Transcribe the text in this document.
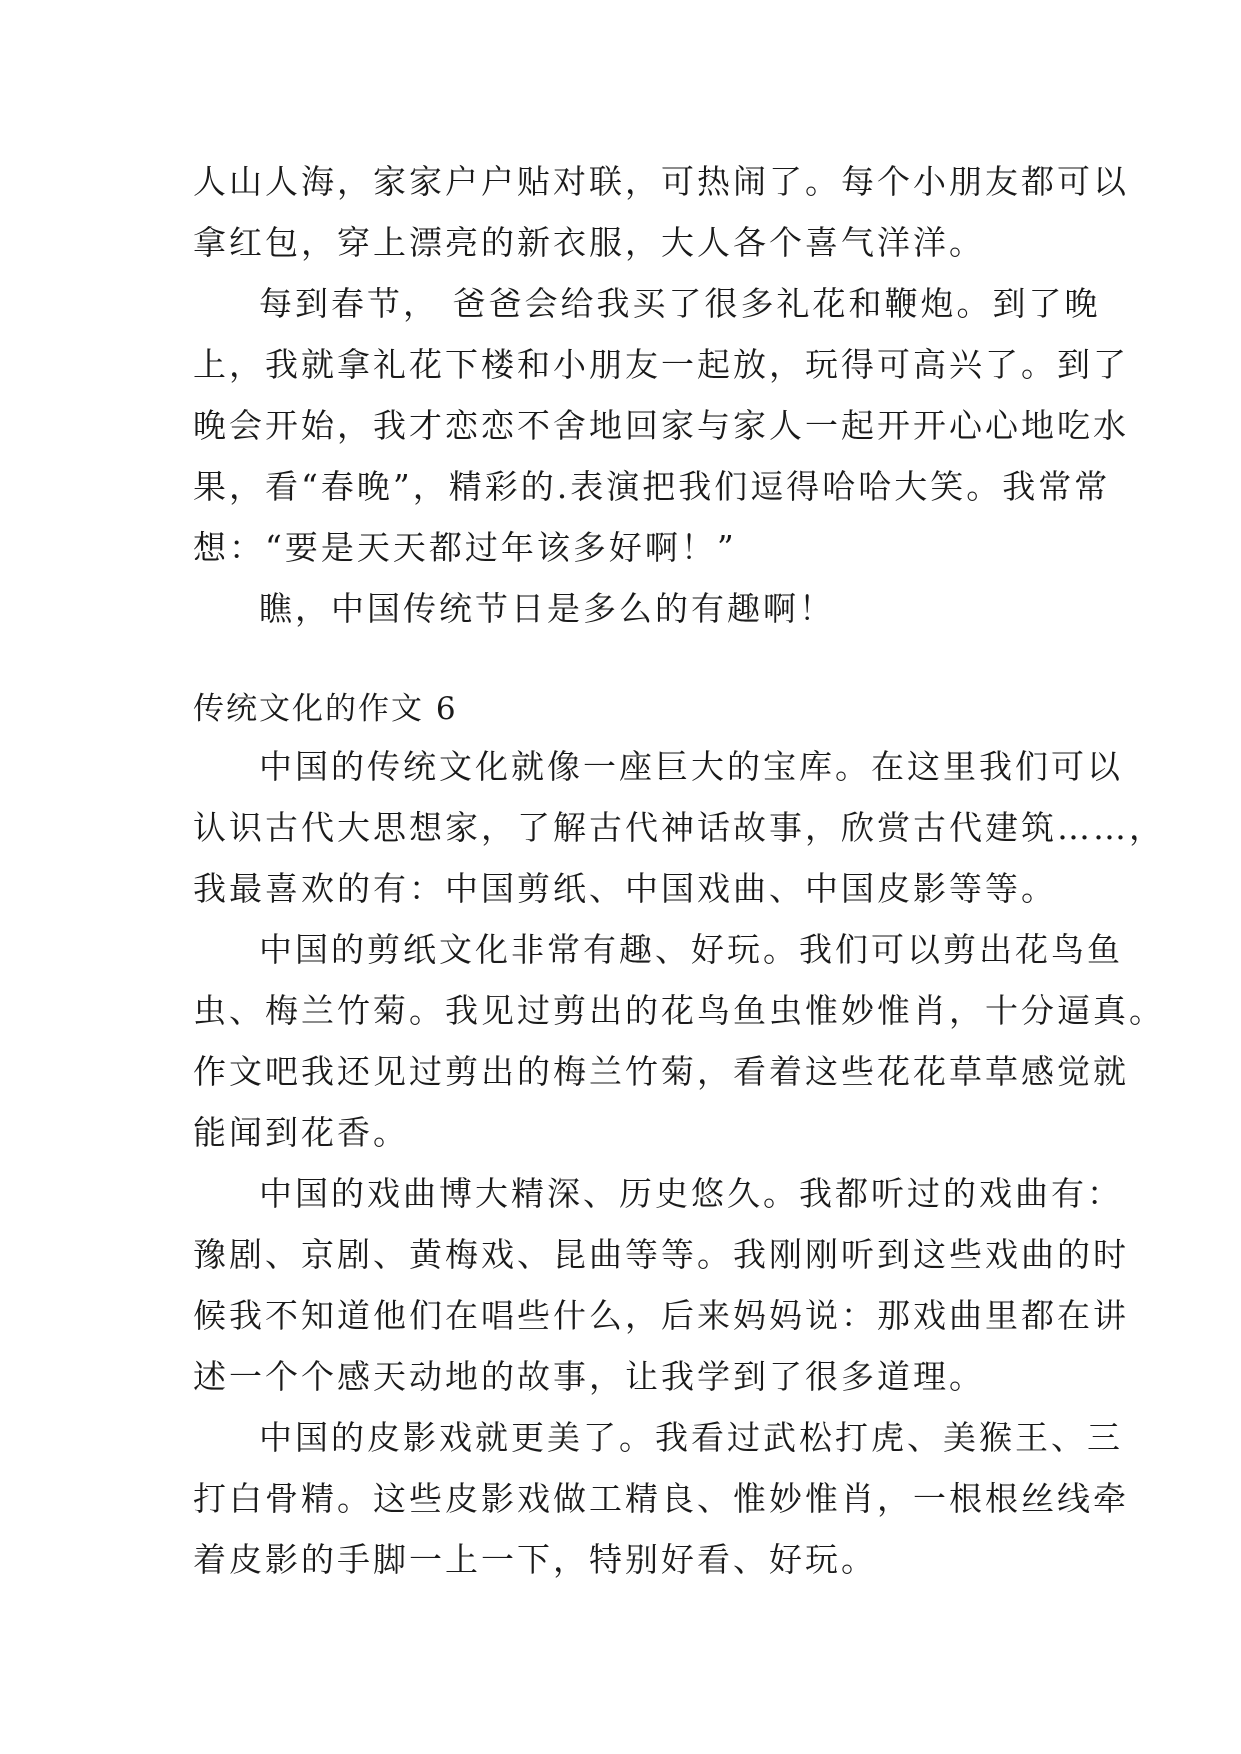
人山人海，家家户户贴对联，可热闹了。每个小朋友都可以
拿红包，穿上漂亮的新衣服，大人各个喜气洋洋。
每到春节， 爸爸会给我买了很多礼花和鞭炮。到了晚
上，我就拿礼花下楼和小朋友一起放，玩得可高兴了。到了
晚会开始，我才恋恋不舍地回家与家人一起开开心心地吃水
果，看“春晚”，精彩的.表演把我们逗得哈哈大笑。我常常
想：“要是天天都过年该多好啊！”
瞧，中国传统节日是多么的有趣啊！
传统文化的作文 6
中国的传统文化就像一座巨大的宝库。在这里我们可以
认识古代大思想家，了解古代神话故事，欣赏古代建筑……，
我最喜欢的有：中国剪纸、中国戏曲、中国皮影等等。
中国的剪纸文化非常有趣、好玩。我们可以剪出花鸟鱼
虫、梅兰竹菊。我见过剪出的花鸟鱼虫惟妙惟肖，十分逼真。
作文吧我还见过剪出的梅兰竹菊，看着这些花花草草感觉就
能闻到花香。
中国的戏曲博大精深、历史悠久。我都听过的戏曲有：
豫剧、京剧、黄梅戏、昆曲等等。我刚刚听到这些戏曲的时
候我不知道他们在唱些什么，后来妈妈说：那戏曲里都在讲
述一个个感天动地的故事，让我学到了很多道理。
中国的皮影戏就更美了。我看过武松打虎、美猴王、三
打白骨精。这些皮影戏做工精良、惟妙惟肖，一根根丝线牵
着皮影的手脚一上一下，特别好看、好玩。
